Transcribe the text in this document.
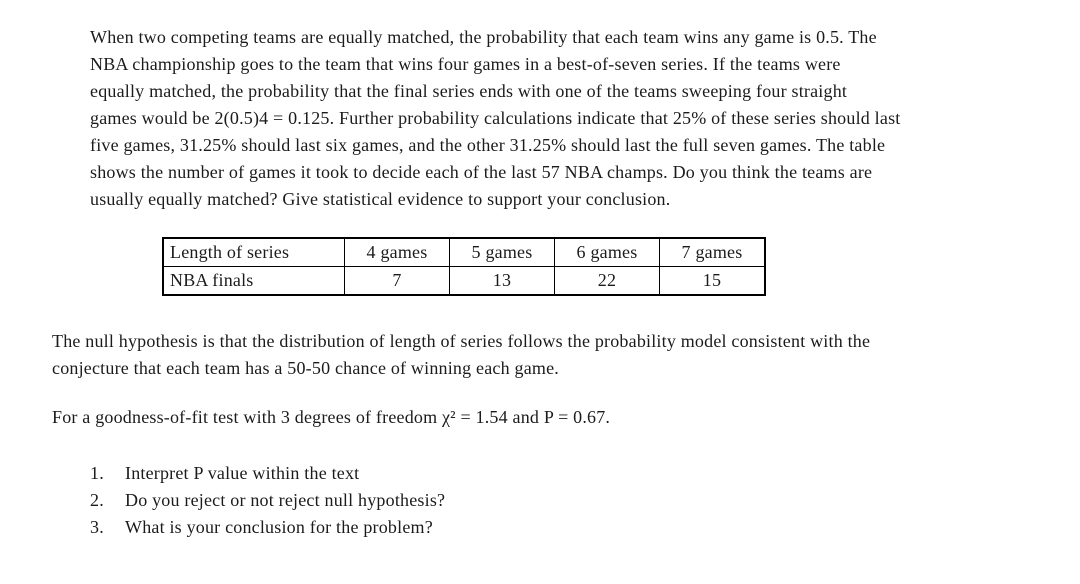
When two competing teams are equally matched, the probability that each team wins any game is 0.5. The
NBA championship goes to the team that wins four games in a best-of-seven series. If the teams were
equally matched, the probability that the final series ends with one of the teams sweeping four straight
games would be 2(0.5)4 = 0.125. Further probability calculations indicate that 25% of these series should last
five games, 31.25% should last six games, and the other 31.25% should last the full seven games. The table
shows the number of games it took to decide each of the last 57 NBA champs. Do you think the teams are
usually equally matched? Give statistical evidence to support your conclusion.
Length of series	4 games	5 games	6 games	7 games
NBA finals	7	13	22	15
The null hypothesis is that the distribution of length of series follows the probability model consistent with the
conjecture that each team has a 50-50 chance of winning each game.
For a goodness-of-fit test with 3 degrees of freedom χ² = 1.54 and P = 0.67.
1.	Interpret P value within the text
2.	Do you reject or not reject null hypothesis?
3.	What is your conclusion for the problem?
